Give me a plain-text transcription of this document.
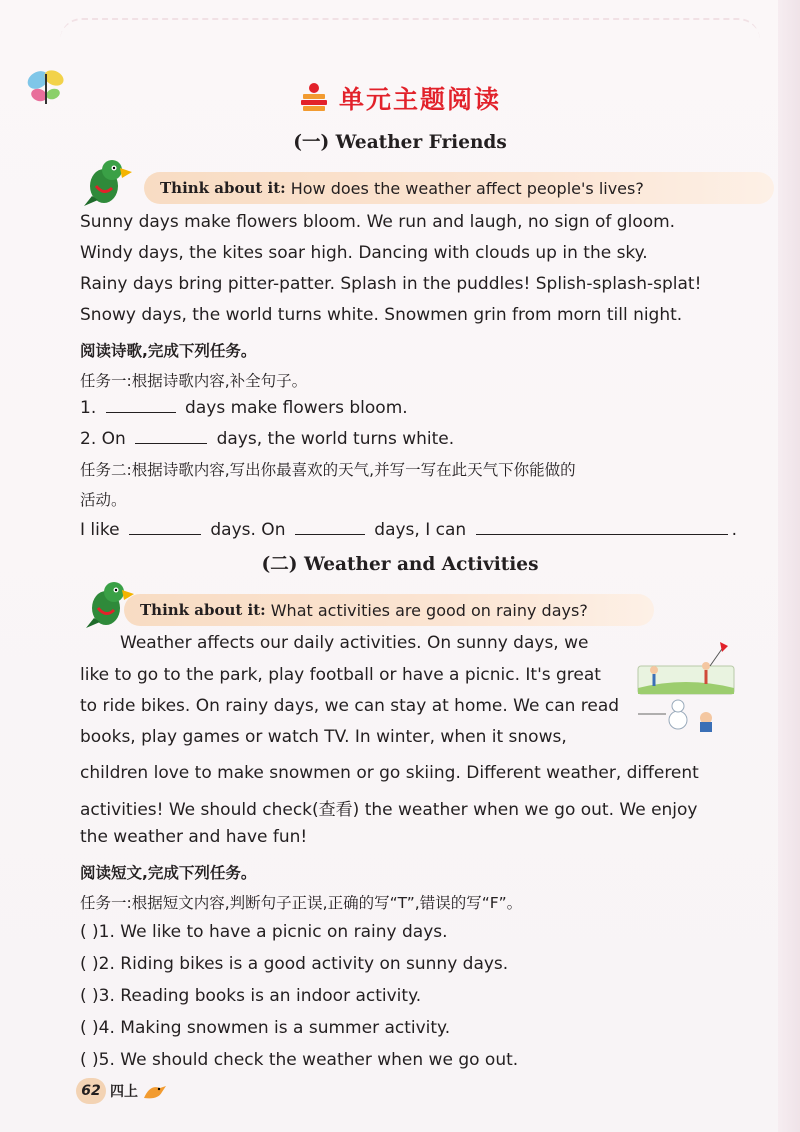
单元主题阅读
(一) Weather Friends
Think about it: How does the weather affect people's lives?
Sunny days make flowers bloom. We run and laugh, no sign of gloom.
Windy days, the kites soar high. Dancing with clouds up in the sky.
Rainy days bring pitter-patter. Splash in the puddles! Splish-splash-splat!
Snowy days, the world turns white. Snowmen grin from morn till night.
阅读诗歌,完成下列任务。
任务一:根据诗歌内容,补全句子。
1.	days make flowers bloom.
2. On	days, the world turns white.
任务二:根据诗歌内容,写出你最喜欢的天气,并写一写在此天气下你能做的
活动。
I like	days. On	days, I can	.
(二) Weather and Activities
Think about it: What activities are good on rainy days?
Weather affects our daily activities. On sunny days, we
like to go to the park, play football or have a picnic. It's great
to ride bikes. On rainy days, we can stay at home. We can read
books, play games or watch TV. In winter, when it snows,
children love to make snowmen or go skiing. Different weather, different
activities! We should check(查看) the weather when we go out. We enjoy
the weather and have fun!
阅读短文,完成下列任务。
任务一:根据短文内容,判断句子正误,正确的写“T”,错误的写“F”。
( )1. We like to have a picnic on rainy days.
( )2. Riding bikes is a good activity on sunny days.
( )3. Reading books is an indoor activity.
( )4. Making snowmen is a summer activity.
( )5. We should check the weather when we go out.
62 四上
